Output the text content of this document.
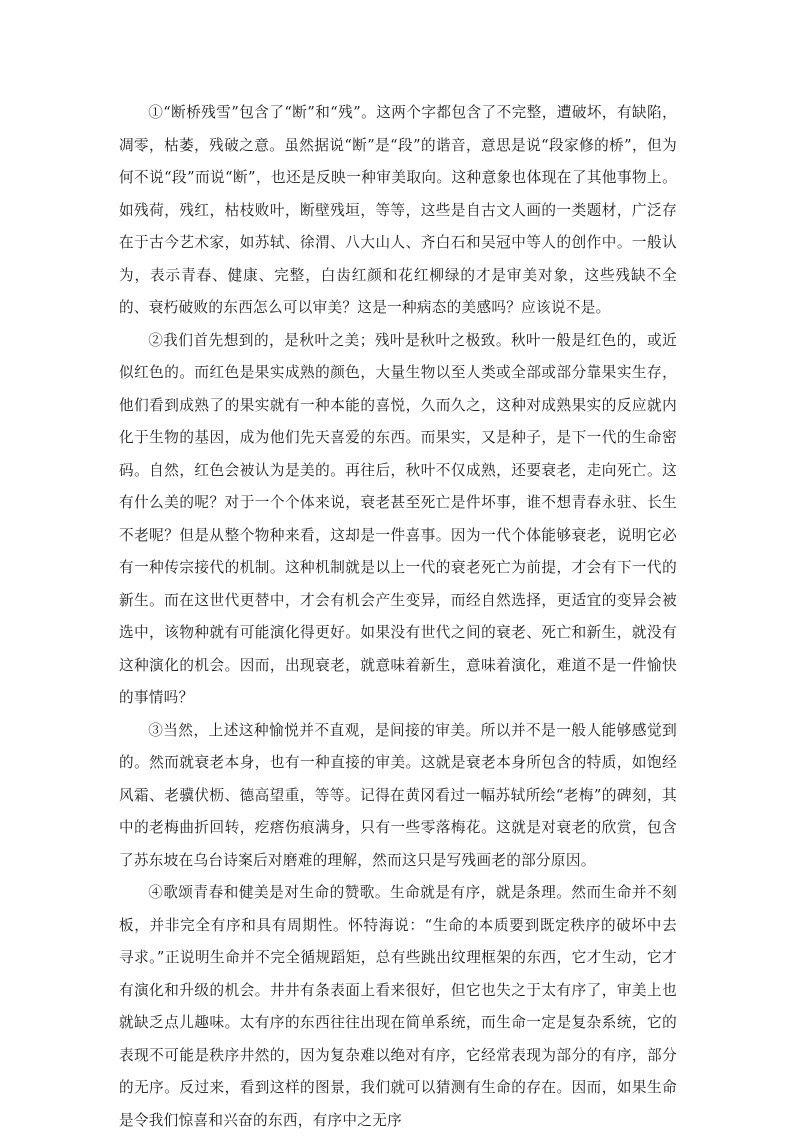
①“断桥残雪”包含了“断”和“残”。这两个字都包含了不完整，遭破坏，有缺陷，凋零，枯萎，残破之意。虽然据说“断”是“段”的谐音，意思是说“段家修的桥”，但为何不说“段”而说“断”，也还是反映一种审美取向。这种意象也体现在了其他事物上。如残荷，残红，枯枝败叶，断壁残垣，等等，这些是自古文人画的一类题材，广泛存在于古今艺术家，如苏轼、徐渭、八大山人、齐白石和吴冠中等人的创作中。一般认为，表示青春、健康、完整，白齿红颜和花红柳绿的才是审美对象，这些残缺不全的、衰朽破败的东西怎么可以审美？这是一种病态的美感吗？应该说不是。

②我们首先想到的，是秋叶之美；残叶是秋叶之极致。秋叶一般是红色的，或近似红色的。而红色是果实成熟的颜色，大量生物以至人类或全部或部分靠果实生存，他们看到成熟了的果实就有一种本能的喜悦，久而久之，这种对成熟果实的反应就内化于生物的基因，成为他们先天喜爱的东西。而果实，又是种子，是下一代的生命密码。自然，红色会被认为是美的。再往后，秋叶不仅成熟，还要衰老，走向死亡。这有什么美的呢？对于一个个体来说，衰老甚至死亡是件坏事，谁不想青春永驻、长生不老呢？但是从整个物种来看，这却是一件喜事。因为一代个体能够衰老，说明它必有一种传宗接代的机制。这种机制就是以上一代的衰老死亡为前提，才会有下一代的新生。而在这世代更替中，才会有机会产生变异，而经自然选择，更适宜的变异会被选中，该物种就有可能演化得更好。如果没有世代之间的衰老、死亡和新生，就没有这种演化的机会。因而，出现衰老，就意味着新生，意味着演化，难道不是一件愉快的事情吗？

③当然，上述这种愉悦并不直观，是间接的审美。所以并不是一般人能够感觉到的。然而就衰老本身，也有一种直接的审美。这就是衰老本身所包含的特质，如饱经风霜、老骥伏枥、德高望重，等等。记得在黄冈看过一幅苏轼所绘“老梅”的碑刻，其中的老梅曲折回转，疙瘩伤痕满身，只有一些零落梅花。这就是对衰老的欣赏，包含了苏东坡在乌台诗案后对磨难的理解，然而这只是写残画老的部分原因。

④歌颂青春和健美是对生命的赞歌。生命就是有序，就是条理。然而生命并不刻板，并非完全有序和具有周期性。怀特海说：“生命的本质要到既定秩序的破坏中去寻求。”正说明生命并不完全循规蹈矩，总有些跳出纹理框架的东西，它才生动，它才有演化和升级的机会。井井有条表面上看来很好，但它也失之于太有序了，审美上也就缺乏点儿趣味。太有序的东西往往出现在简单系统，而生命一定是复杂系统，它的表现不可能是秩序井然的，因为复杂难以绝对有序，它经常表现为部分的有序，部分的无序。反过来，看到这样的图景，我们就可以猜测有生命的存在。因而，如果生命是令我们惊喜和兴奋的东西，有序中之无序
